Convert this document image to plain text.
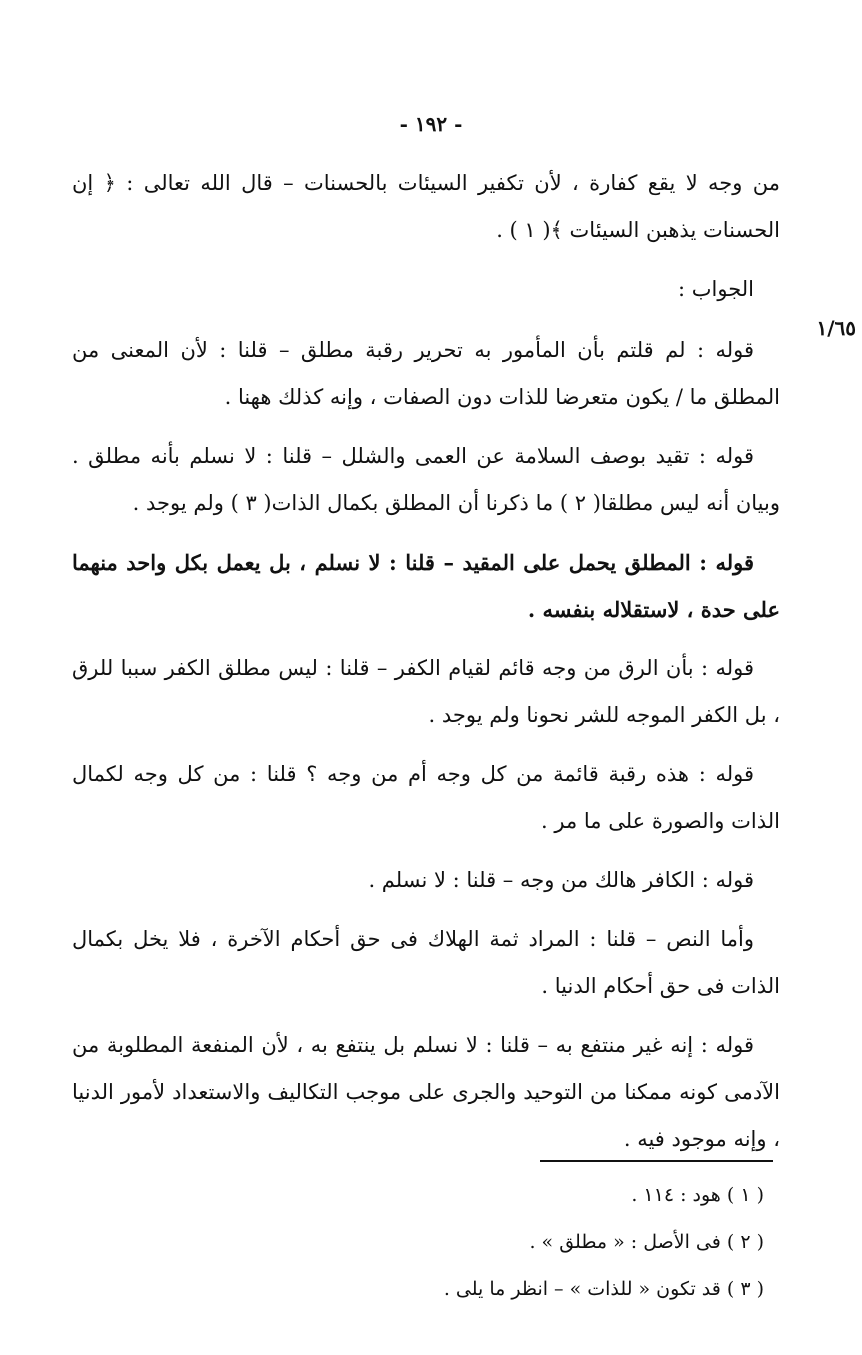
- ١٩٢ -
١/٦٥

من وجه لا يقع كفارة ، لأن تكفير السيئات بالحسنات – قال الله تعالى : ﴿ إن الحسنات يذهبن السيئات ﴾( ١ ) .

الجواب :

قوله : لم قلتم بأن المأمور به تحرير رقبة مطلق – قلنا : لأن المعنى من المطلق ما / يكون متعرضا للذات دون الصفات ، وإنه كذلك ههنا .

قوله : تقيد بوصف السلامة عن العمى والشلل – قلنا : لا نسلم بأنه مطلق . وبيان أنه ليس مطلقا( ٢ ) ما ذكرنا أن المطلق بكمال الذات( ٣ ) ولم يوجد .

قوله : المطلق يحمل على المقيد – قلنا : لا نسلم ، بل يعمل بكل واحد منهما على حدة ، لاستقلاله بنفسه .

قوله : بأن الرق من وجه قائم لقيام الكفر – قلنا : ليس مطلق الكفر سببا للرق ، بل الكفر الموجه للشر نحونا ولم يوجد .

قوله : هذه رقبة قائمة من كل وجه أم من وجه ؟ قلنا : من كل وجه لكمال الذات والصورة على ما مر .

قوله : الكافر هالك من وجه – قلنا : لا نسلم .

وأما النص – قلنا : المراد ثمة الهلاك فى حق أحكام الآخرة ، فلا يخل بكمال الذات فى حق أحكام الدنيا .

قوله : إنه غير منتفع به – قلنا : لا نسلم بل ينتفع به ، لأن المنفعة المطلوبة من الآدمى كونه ممكنا من التوحيد والجرى على موجب التكاليف والاستعداد لأمور الدنيا ، وإنه موجود فيه .

( ١ ) هود : ١١٤ .

( ٢ ) فى الأصل : « مطلق » .

( ٣ ) قد تكون « للذات » – انظر ما يلى .
